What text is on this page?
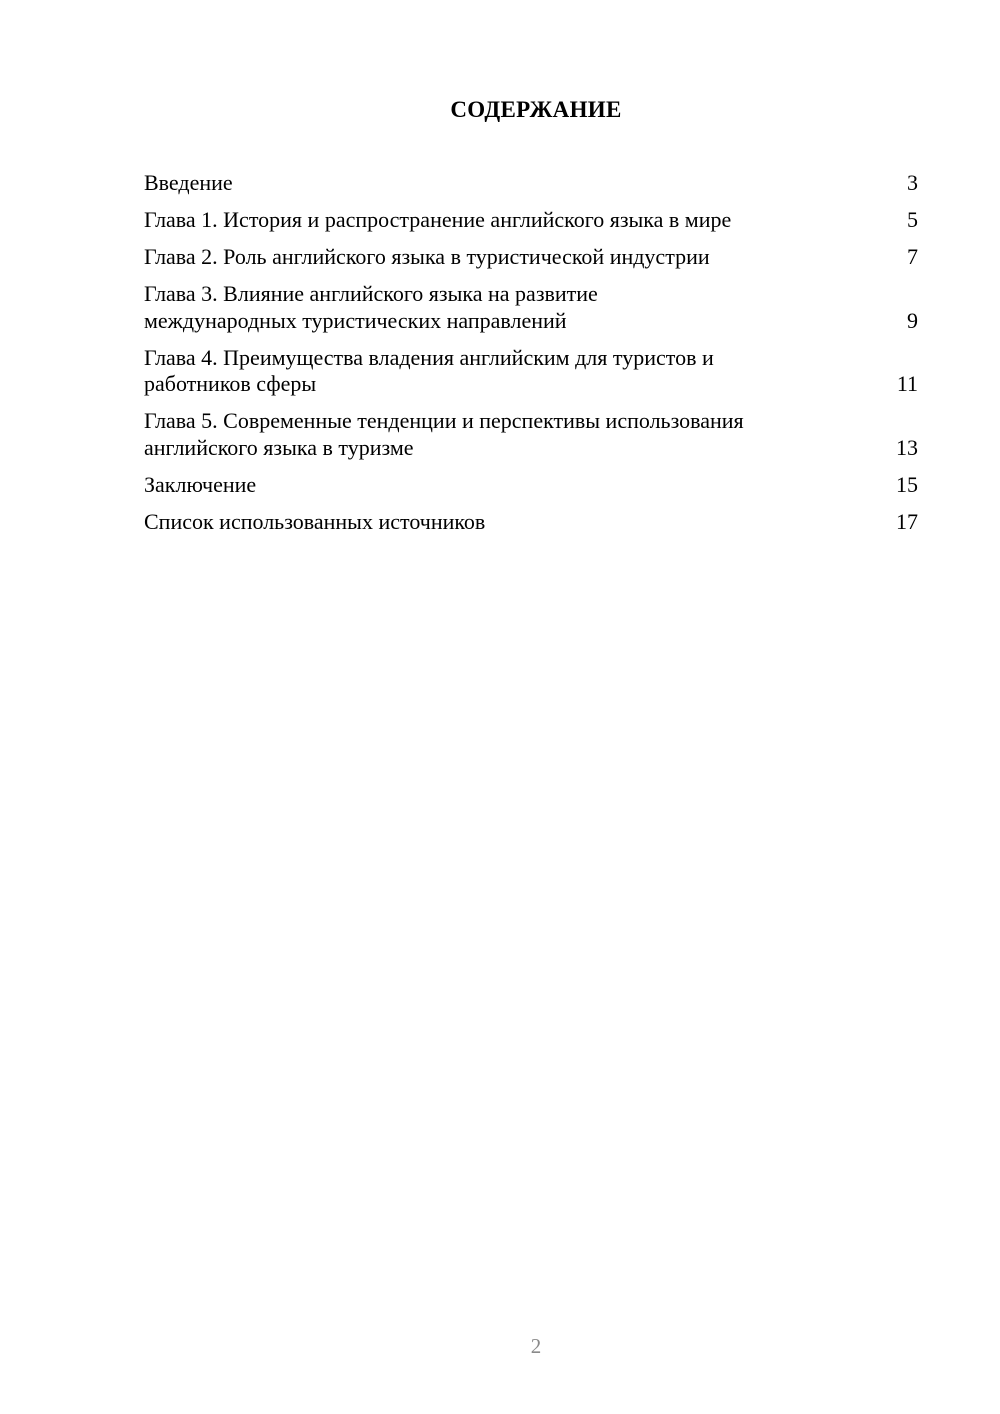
СОДЕРЖАНИЕ
Введение	3
Глава 1. История и распространение английского языка в мире	5
Глава 2. Роль английского языка в туристической индустрии	7
Глава 3. Влияние английского языка на развитие
международных туристических направлений	9
Глава 4. Преимущества владения английским для туристов и
работников сферы	11
Глава 5. Современные тенденции и перспективы использования
английского языка в туризме	13
Заключение	15
Список использованных источников	17
2
